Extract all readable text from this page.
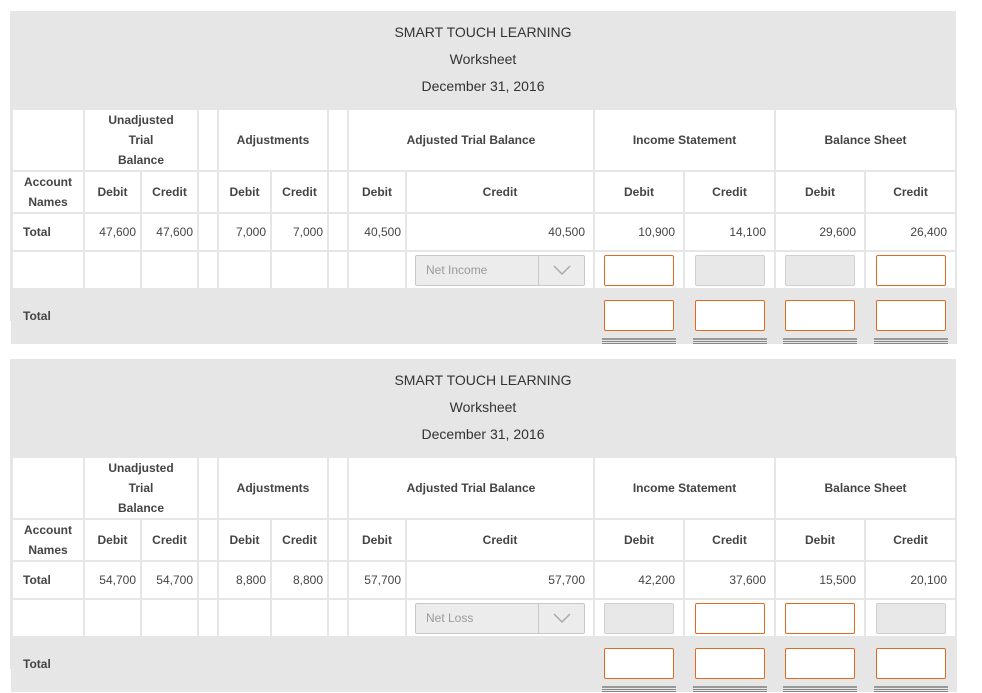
SMART TOUCH LEARNING
Worksheet
December 31, 2016
	Unadjusted Trial Balance			Adjustments			Adjusted Trial Balance		Income Statement		Balance Sheet	
Account Names	Debit	Credit		Debit	Credit		Debit	Credit	Debit	Credit	Debit	Credit
Total	47,600	47,600		7,000	7,000		40,500	40,500	10,900	14,100	29,600	26,400

								Net Income				

Total									

SMART TOUCH LEARNING
Worksheet
December 31, 2016
	Unadjusted Trial Balance			Adjustments			Adjusted Trial Balance		Income Statement		Balance Sheet	
Account Names	Debit	Credit		Debit	Credit		Debit	Credit	Debit	Credit	Debit	Credit
Total	54,700	54,700		8,800	8,800		57,700	57,700	42,200	37,600	15,500	20,100

								Net Loss				

Total									
